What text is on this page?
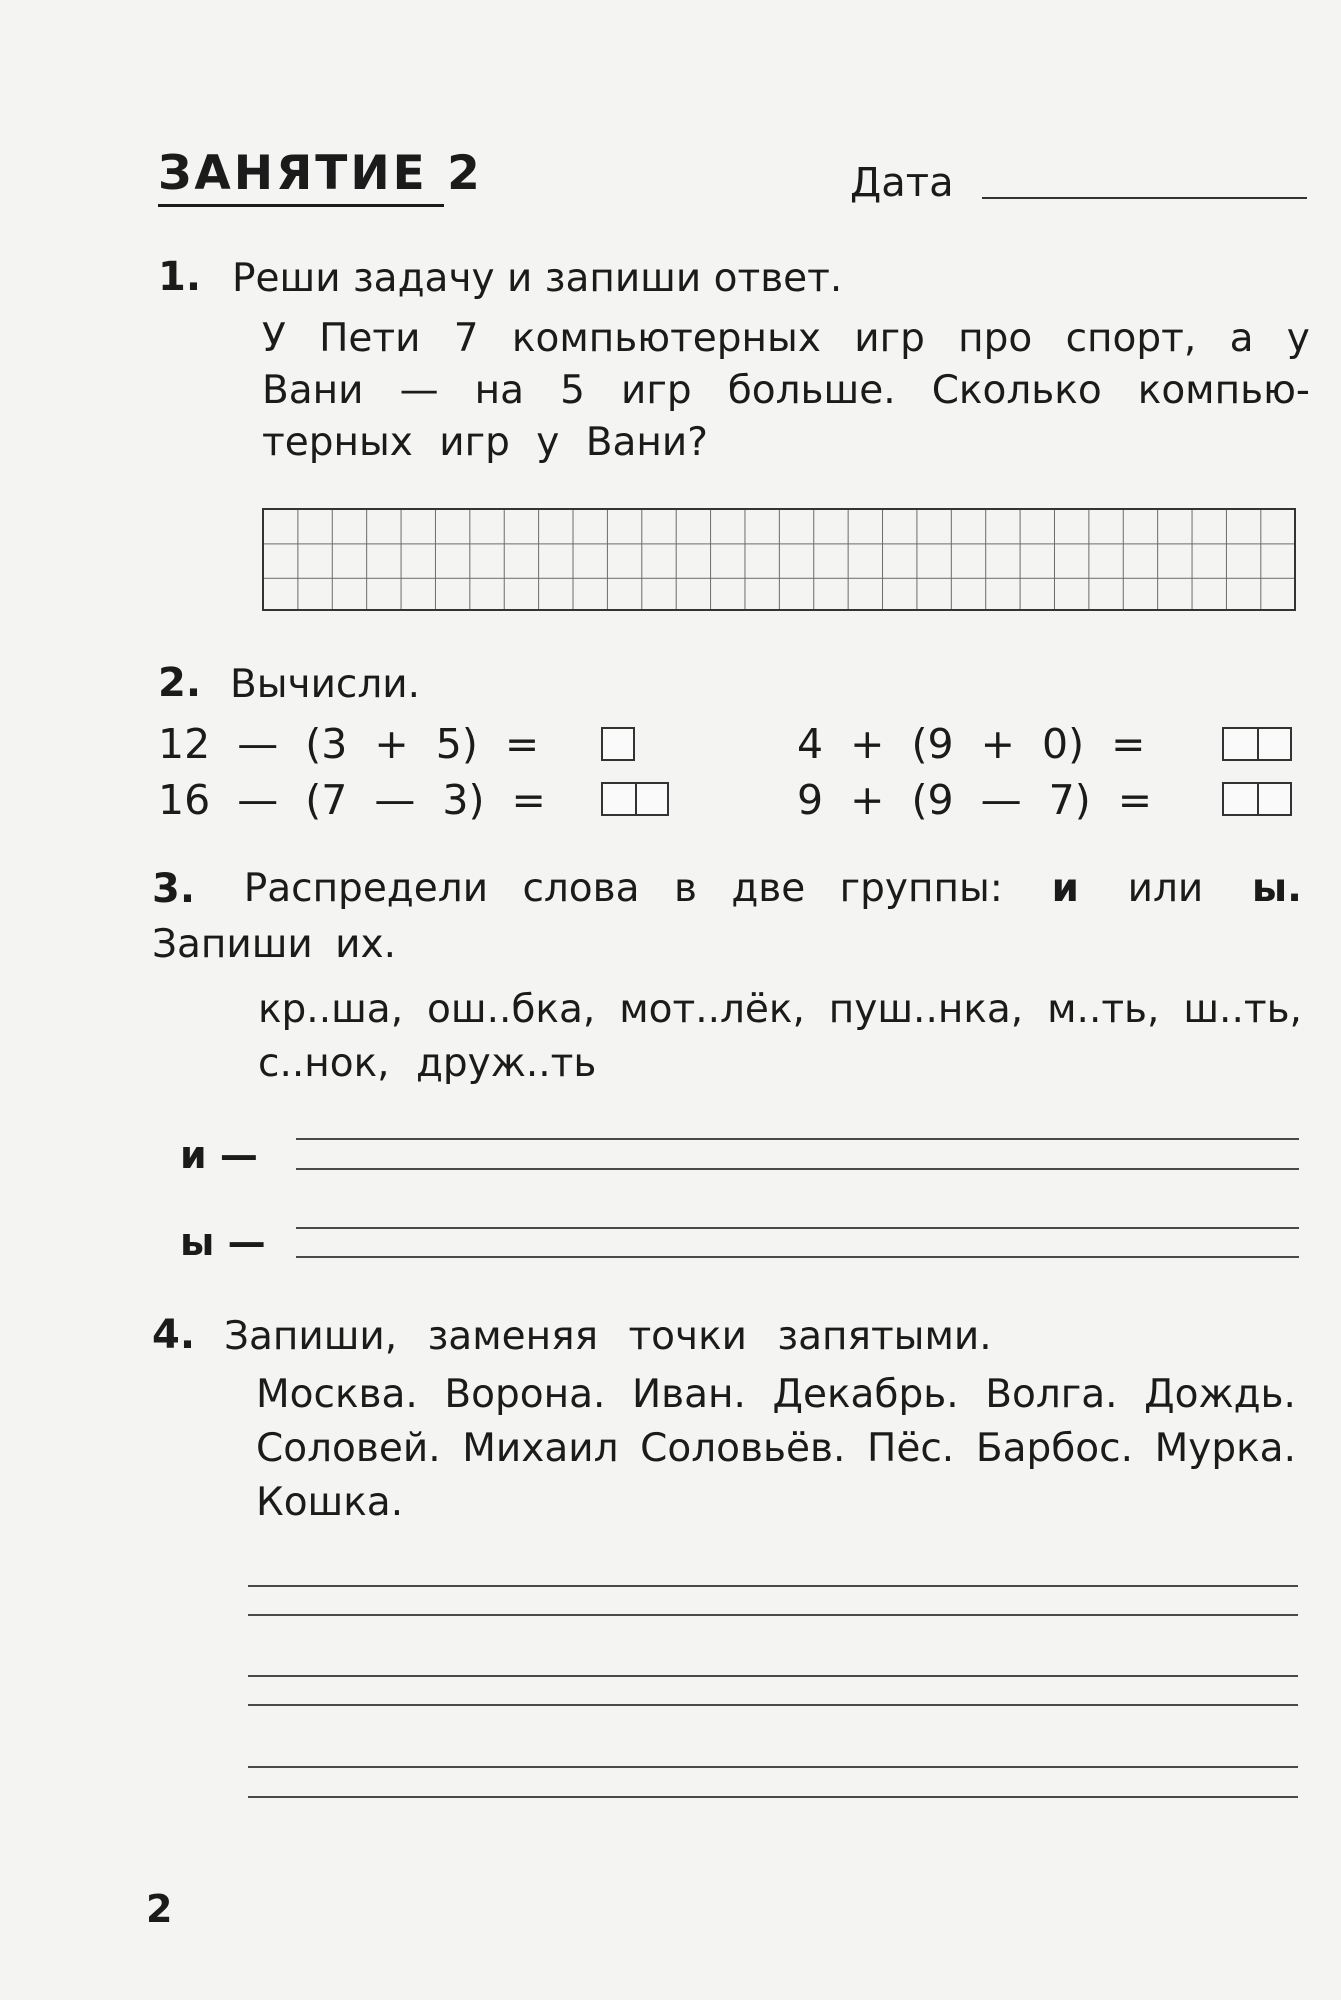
ЗАНЯТИЕ 2	Дата
1. Реши задачу и запиши ответ.
У Пети 7 компьютерных игр про спорт, а у
Вани — на 5 игр больше. Сколько компью-
терных игр у Вани?
2. Вычисли.
12 — (3 + 5) =
16 — (7 — 3) =
4 + (9 + 0) =
9 + (9 — 7) =
3. Распредели слова в две группы: и или ы.
Запиши их.
кр..ша, ош..бка, мот..лёк, пуш..нка, м..ть, ш..ть,
с..нок, друж..ть
и —
ы —
4. Запиши, заменяя точки запятыми.
Москва. Ворона. Иван. Декабрь. Волга. Дождь.
Соловей. Михаил Соловьёв. Пёс. Барбос. Мурка.
Кошка.
2
